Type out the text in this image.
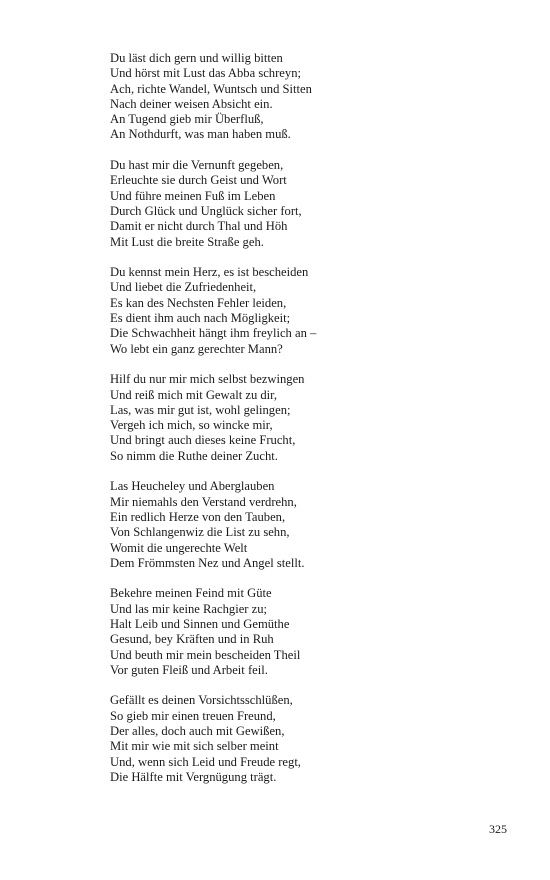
Du läst dich gern und willig bitten
Und hörst mit Lust das Abba schreyn;
Ach, richte Wandel, Wuntsch und Sitten
Nach deiner weisen Absicht ein.
An Tugend gieb mir Überfluß,
An Nothdurft, was man haben muß.
Du hast mir die Vernunft gegeben,
Erleuchte sie durch Geist und Wort
Und führe meinen Fuß im Leben
Durch Glück und Unglück sicher fort,
Damit er nicht durch Thal und Höh
Mit Lust die breite Straße geh.
Du kennst mein Herz, es ist bescheiden
Und liebet die Zufriedenheit,
Es kan des Nechsten Fehler leiden,
Es dient ihm auch nach Mögligkeit;
Die Schwachheit hängt ihm freylich an –
Wo lebt ein ganz gerechter Mann?
Hilf du nur mir mich selbst bezwingen
Und reiß mich mit Gewalt zu dir,
Las, was mir gut ist, wohl gelingen;
Vergeh ich mich, so wincke mir,
Und bringt auch dieses keine Frucht,
So nimm die Ruthe deiner Zucht.
Las Heucheley und Aberglauben
Mir niemahls den Verstand verdrehn,
Ein redlich Herze von den Tauben,
Von Schlangenwiz die List zu sehn,
Womit die ungerechte Welt
Dem Frömmsten Nez und Angel stellt.
Bekehre meinen Feind mit Güte
Und las mir keine Rachgier zu;
Halt Leib und Sinnen und Gemüthe
Gesund, bey Kräften und in Ruh
Und beuth mir mein bescheiden Theil
Vor guten Fleiß und Arbeit feil.
Gefällt es deinen Vorsichtsschlüßen,
So gieb mir einen treuen Freund,
Der alles, doch auch mit Gewißen,
Mit mir wie mit sich selber meint
Und, wenn sich Leid und Freude regt,
Die Hälfte mit Vergnügung trägt.
325
